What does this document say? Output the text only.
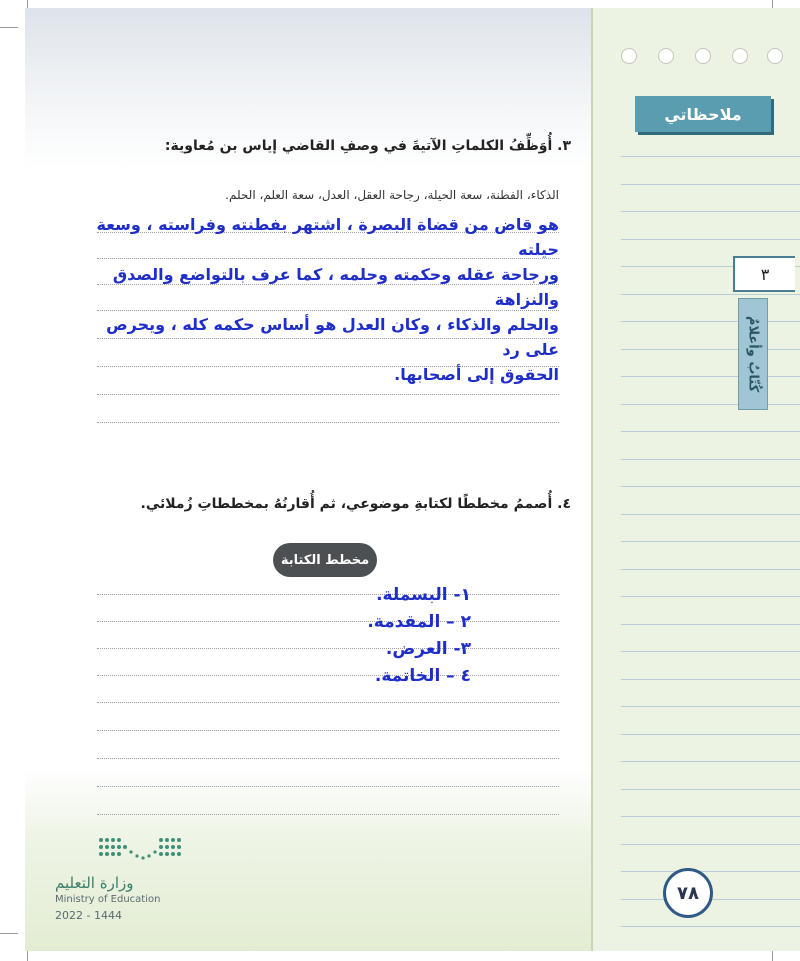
٣. أُوَظِّفُ الكلماتِ الآتيةَ في وصفِ القاضي إياس بن مُعاوية:
الذكاء، الفطنة، سعة الحيلة، رجاحة العقل، العدل، سعة العلم، الحلم.
هو قاض من قضاة البصرة ، اشتهر بفطنته وفراسته ، وسعة حيلته
ورجاحة عقله وحكمته وحلمه ، كما عرف بالتواضع والصدق والنزاهة
والحلم والذكاء ، وكان العدل هو أساس حكمه كله ، ويحرص على رد
الحقوق إلى أصحابها.
٤. أُصممُ مخططًا لكتابةِ موضوعي، ثم أُقارنُهُ بمخططاتِ زُملائي.
مخطط الكتابة
١- البسملة.
٢ – المقدمة.
٣- العرض.
٤ – الخاتمة.
وزارة التعليم
Ministry of Education
2022 - 1444
ملاحظاتي
٣
كُتّابٌ وأعلامٌ
٧٨
